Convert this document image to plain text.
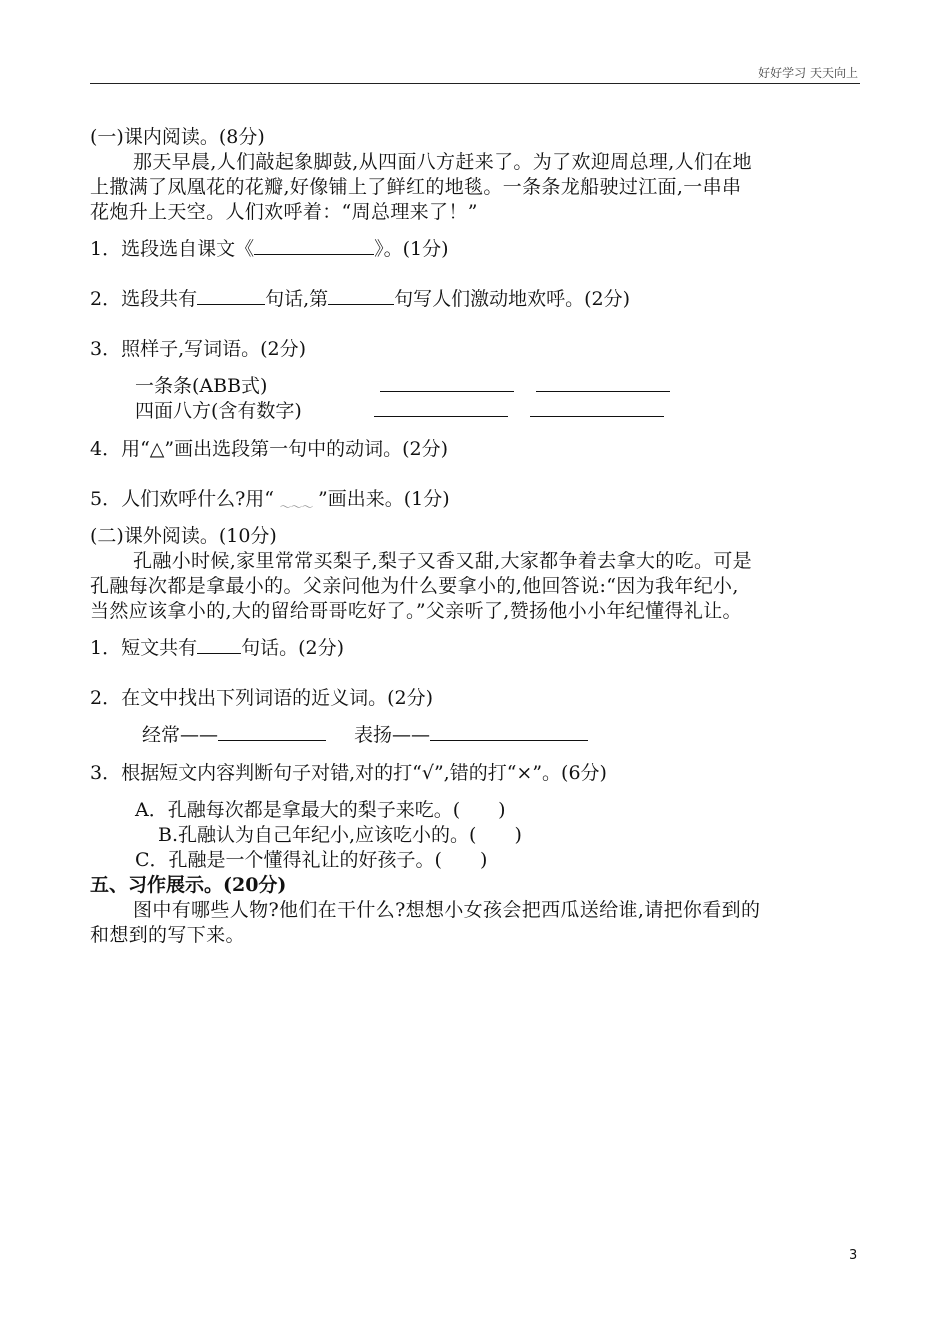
好好学习 天天向上
(一)课内阅读。(8分)
那天早晨,人们敲起象脚鼓,从四面八方赶来了。为了欢迎周总理,人们在地
上撒满了凤凰花的花瓣,好像铺上了鲜红的地毯。一条条龙船驶过江面,一串串
花炮升上天空。人们欢呼着：“周总理来了！”
1．选段选自课文《	》。(1分)
2．选段共有	句话,第	句写人们激动地欢呼。(2分)
3．照样子,写词语。(2分)
一条条(ABB式)
四面八方(含有数字)
4．用“△”画出选段第一句中的动词。(2分)
5．人们欢呼什么?用“ ～～～ ”画出来。(1分)
(二)课外阅读。(10分)
孔融小时候,家里常常买梨子,梨子又香又甜,大家都争着去拿大的吃。可是
孔融每次都是拿最小的。父亲问他为什么要拿小的,他回答说:“因为我年纪小,
当然应该拿小的,大的留给哥哥吃好了。”父亲听了,赞扬他小小年纪懂得礼让。
1．短文共有 句话。(2分)
2．在文中找出下列词语的近义词。(2分)
经常——	表扬——
3．根据短文内容判断句子对错,对的打“√”,错的打“×”。(6分)
A．孔融每次都是拿最大的梨子来吃。( )
B.孔融认为自己年纪小,应该吃小的。( )
C．孔融是一个懂得礼让的好孩子。( )
五、习作展示。(20分)
图中有哪些人物?他们在干什么?想想小女孩会把西瓜送给谁,请把你看到的
和想到的写下来。
3
